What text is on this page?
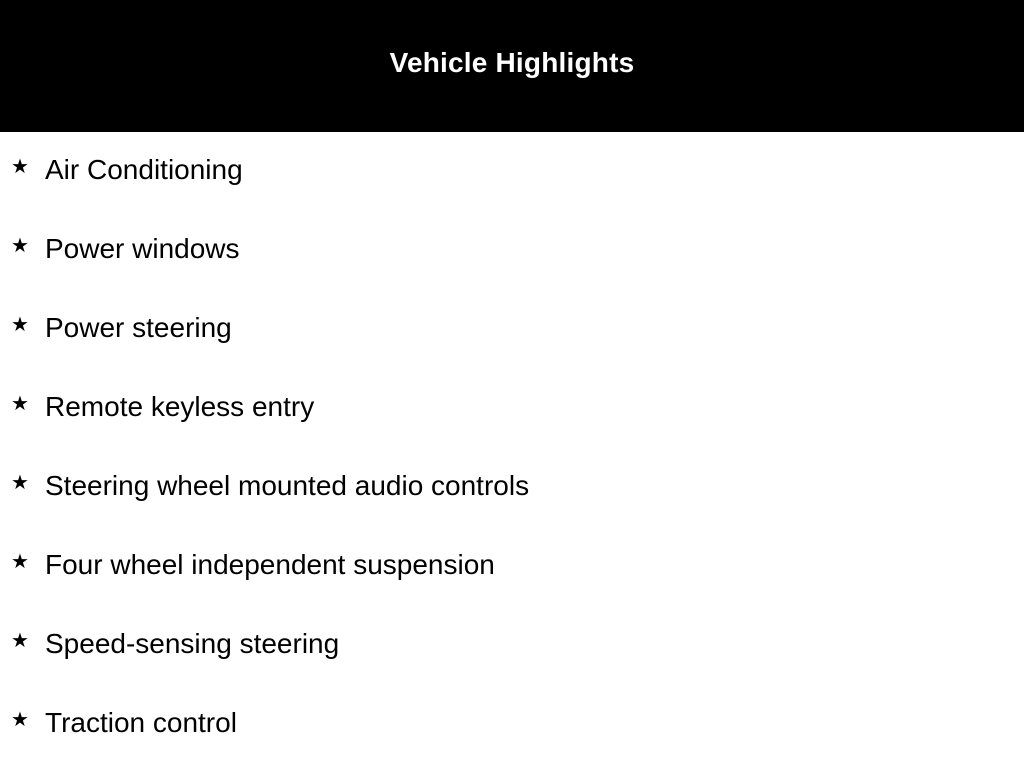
Vehicle Highlights
★ Air Conditioning
★ Power windows
★ Power steering
★ Remote keyless entry
★ Steering wheel mounted audio controls
★ Four wheel independent suspension
★ Speed-sensing steering
★ Traction control
